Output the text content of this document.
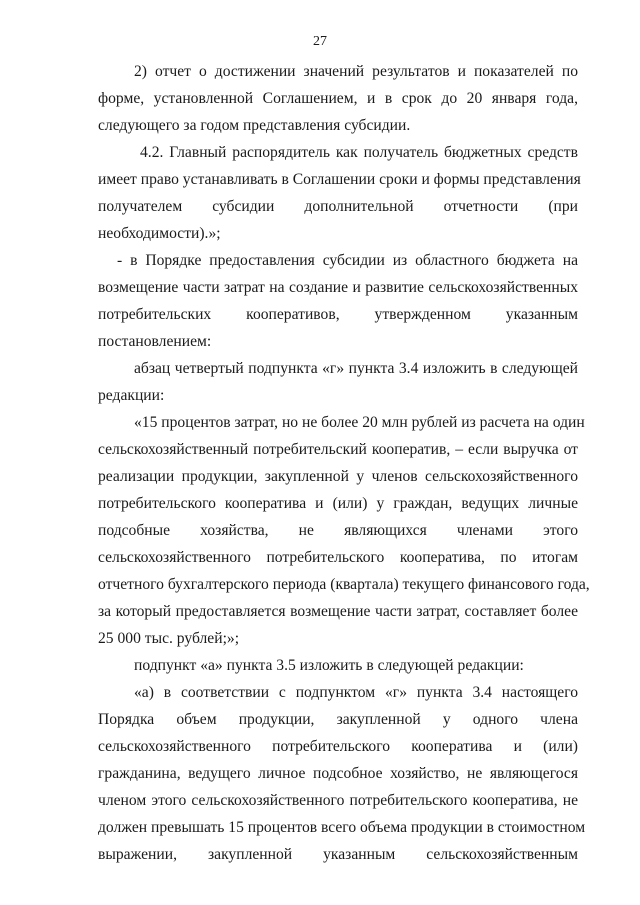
27
2) отчет о достижении значений результатов и показателей по
форме, установленной Соглашением, и в срок до 20 января года,
следующего за годом представления субсидии.
4.2. Главный распорядитель как получатель бюджетных средств
имеет право устанавливать в Соглашении сроки и формы представления
получателем субсидии дополнительной отчетности (при
необходимости).»;
- в Порядке предоставления субсидии из областного бюджета на
возмещение части затрат на создание и развитие сельскохозяйственных
потребительских кооперативов, утвержденном указанным
постановлением:
абзац четвертый подпункта «г» пункта 3.4 изложить в следующей
редакции:
«15 процентов затрат, но не более 20 млн рублей из расчета на один
сельскохозяйственный потребительский кооператив, – если выручка от
реализации продукции, закупленной у членов сельскохозяйственного
потребительского кооператива и (или) у граждан, ведущих личные
подсобные хозяйства, не являющихся членами этого
сельскохозяйственного потребительского кооператива, по итогам
отчетного бухгалтерского периода (квартала) текущего финансового года,
за который предоставляется возмещение части затрат, составляет более
25 000 тыс. рублей;»;
подпункт «а» пункта 3.5 изложить в следующей редакции:
«а) в соответствии с подпунктом «г» пункта 3.4 настоящего
Порядка объем продукции, закупленной у одного члена
сельскохозяйственного потребительского кооператива и (или)
гражданина, ведущего личное подсобное хозяйство, не являющегося
членом этого сельскохозяйственного потребительского кооператива, не
должен превышать 15 процентов всего объема продукции в стоимостном
выражении, закупленной указанным сельскохозяйственным
